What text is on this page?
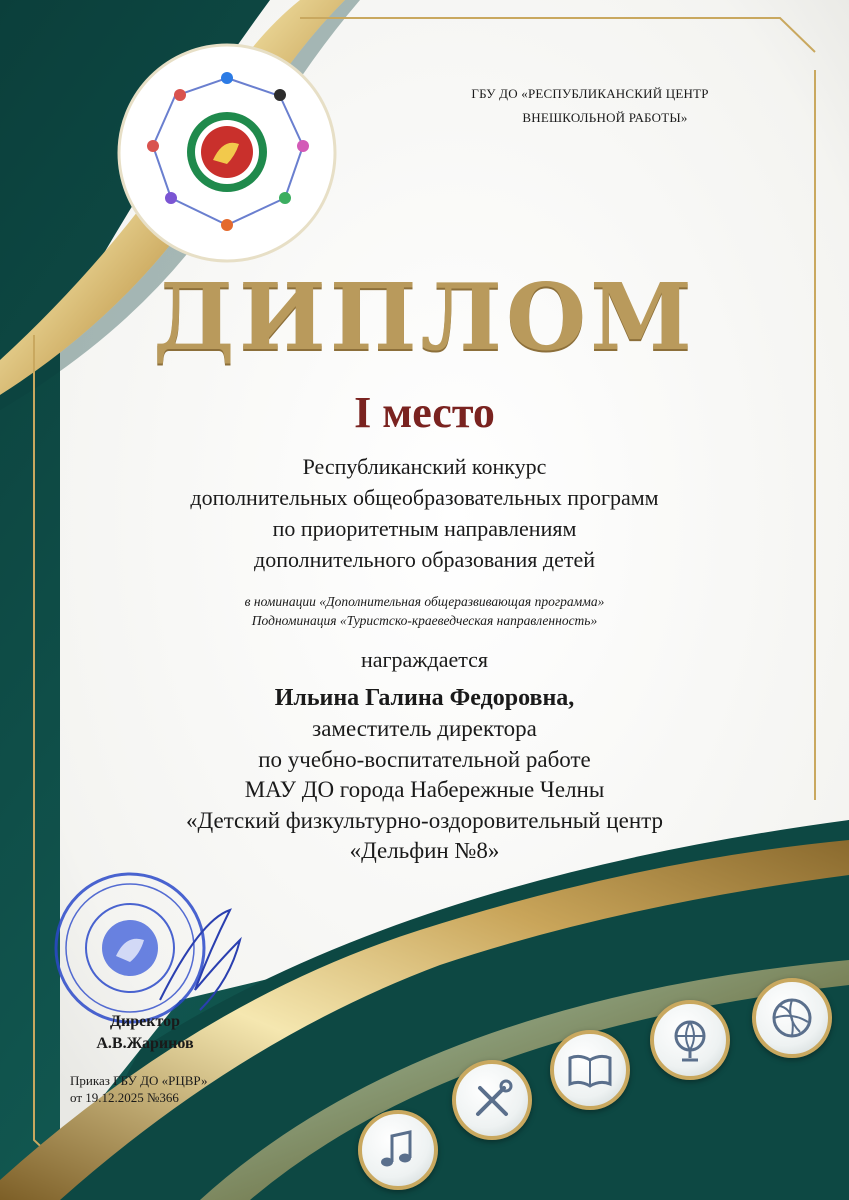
ГБУ ДО «РЕСПУБЛИКАНСКИЙ ЦЕНТР
ВНЕШКОЛЬНОЙ РАБОТЫ»
ДИПЛОМ
I место
Республиканский конкурс
дополнительных общеобразовательных программ
по приоритетным направлениям
дополнительного образования детей
в номинации «Дополнительная общеразвивающая программа»
Подноминация «Туристско-краеведческая направленность»
награждается
Ильина Галина Федоровна,
заместитель директора
по учебно-воспитательной работе
МАУ ДО города Набережные Челны
«Детский физкультурно-оздоровительный центр
«Дельфин №8»
Директор
А.В.Жаринов
Приказ ГБУ ДО «РЦВР»
от 19.12.2025 №366
